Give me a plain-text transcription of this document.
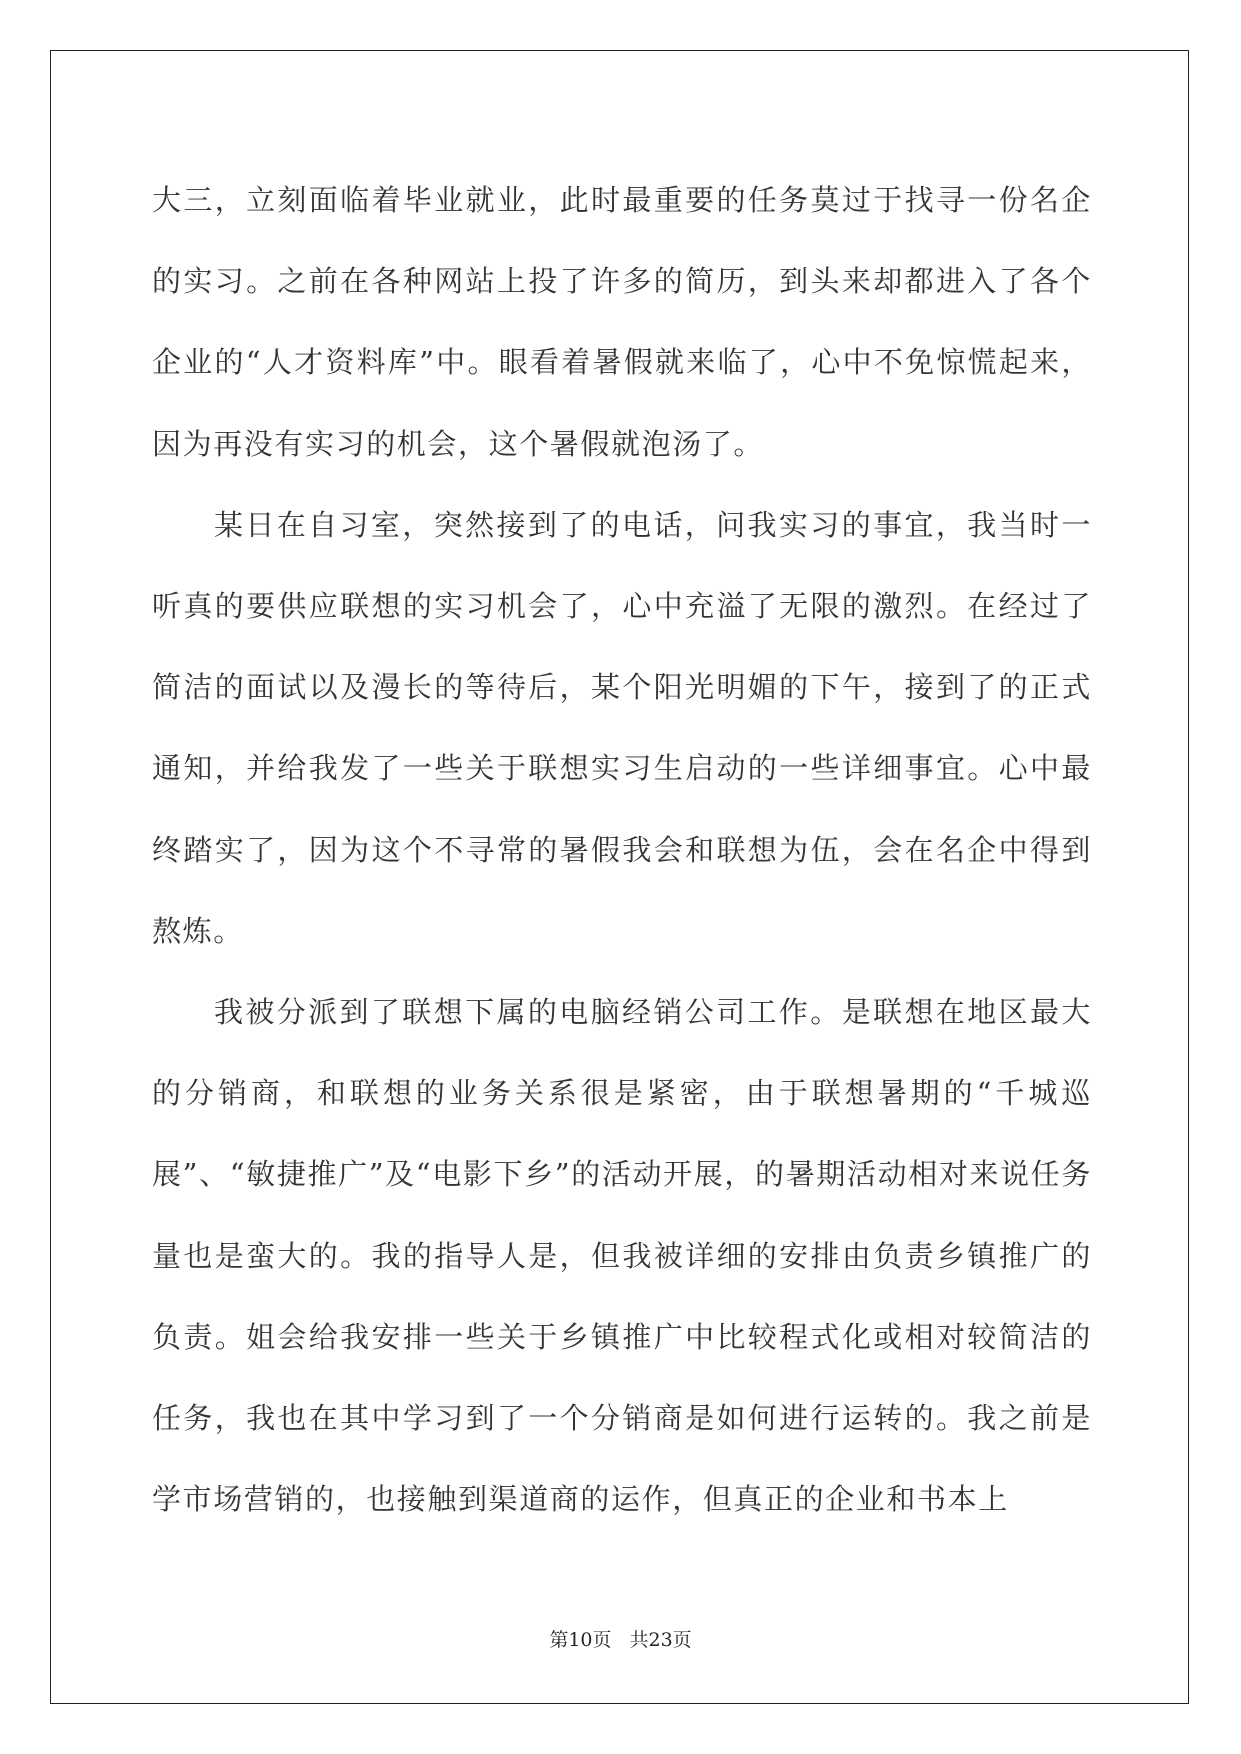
大三，立刻面临着毕业就业，此时最重要的任务莫过于找寻一份名企的实习。之前在各种网站上投了许多的简历，到头来却都进入了各个企业的“人才资料库”中。眼看着暑假就来临了，心中不免惊慌起来，因为再没有实习的机会，这个暑假就泡汤了。

某日在自习室，突然接到了的电话，问我实习的事宜，我当时一听真的要供应联想的实习机会了，心中充溢了无限的激烈。在经过了简洁的面试以及漫长的等待后，某个阳光明媚的下午，接到了的正式通知，并给我发了一些关于联想实习生启动的一些详细事宜。心中最终踏实了，因为这个不寻常的暑假我会和联想为伍，会在名企中得到熬炼。

我被分派到了联想下属的电脑经销公司工作。是联想在地区最大的分销商，和联想的业务关系很是紧密，由于联想暑期的“千城巡展”、“敏捷推广”及“电影下乡”的活动开展，的暑期活动相对来说任务量也是蛮大的。我的指导人是，但我被详细的安排由负责乡镇推广的负责。姐会给我安排一些关于乡镇推广中比较程式化或相对较简洁的任务，我也在其中学习到了一个分销商是如何进行运转的。我之前是学市场营销的，也接触到渠道商的运作，但真正的企业和书本上

第10页 共23页
